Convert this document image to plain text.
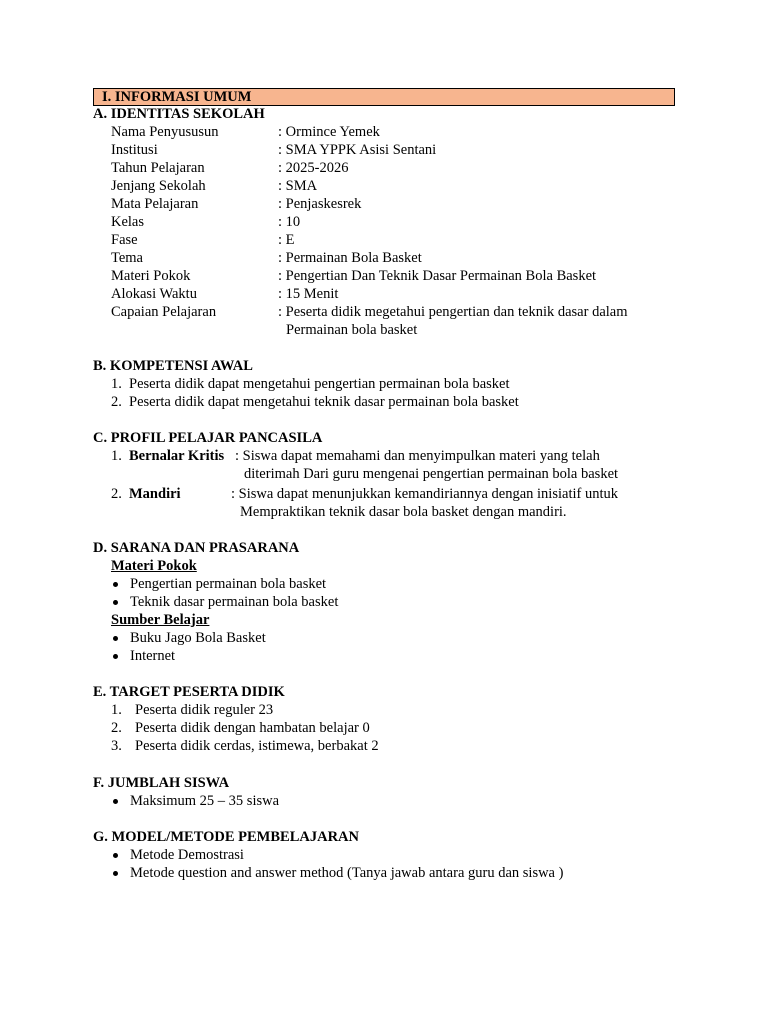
I. INFORMASI UMUM
A. IDENTITAS SEKOLAH
Nama Penyususun	: Ormince Yemek
Institusi	: SMA YPPK Asisi Sentani
Tahun Pelajaran	: 2025-2026
Jenjang Sekolah	: SMA
Mata Pelajaran	: Penjaskesrek
Kelas	: 10
Fase	: E
Tema	: Permainan Bola Basket
Materi Pokok	: Pengertian Dan Teknik Dasar Permainan Bola Basket
Alokasi Waktu	: 15 Menit
Capaian Pelajaran	: Peserta didik megetahui pengertian dan teknik dasar dalam
Permainan bola basket
B. KOMPETENSI AWAL
1. Peserta didik dapat mengetahui pengertian permainan bola basket
2. Peserta didik dapat mengetahui teknik dasar permainan bola basket
C. PROFIL PELAJAR PANCASILA
1. Bernalar Kritis : Siswa dapat memahami dan menyimpulkan materi yang telah
diterimah Dari guru mengenai pengertian permainan bola basket
2. Mandiri	: Siswa dapat menunjukkan kemandiriannya dengan inisiatif untuk
Mempraktikan teknik dasar bola basket dengan mandiri.
D. SARANA DAN PRASARANA
Materi Pokok
Pengertian permainan bola basket
Teknik dasar permainan bola basket
Sumber Belajar
Buku Jago Bola Basket
Internet
E. TARGET PESERTA DIDIK
1. Peserta didik reguler 23
2. Peserta didik dengan hambatan belajar 0
3. Peserta didik cerdas, istimewa, berbakat 2
F. JUMBLAH SISWA
Maksimum 25 – 35 siswa
G. MODEL/METODE PEMBELAJARAN
Metode Demostrasi
Metode question and answer method (Tanya jawab antara guru dan siswa )
